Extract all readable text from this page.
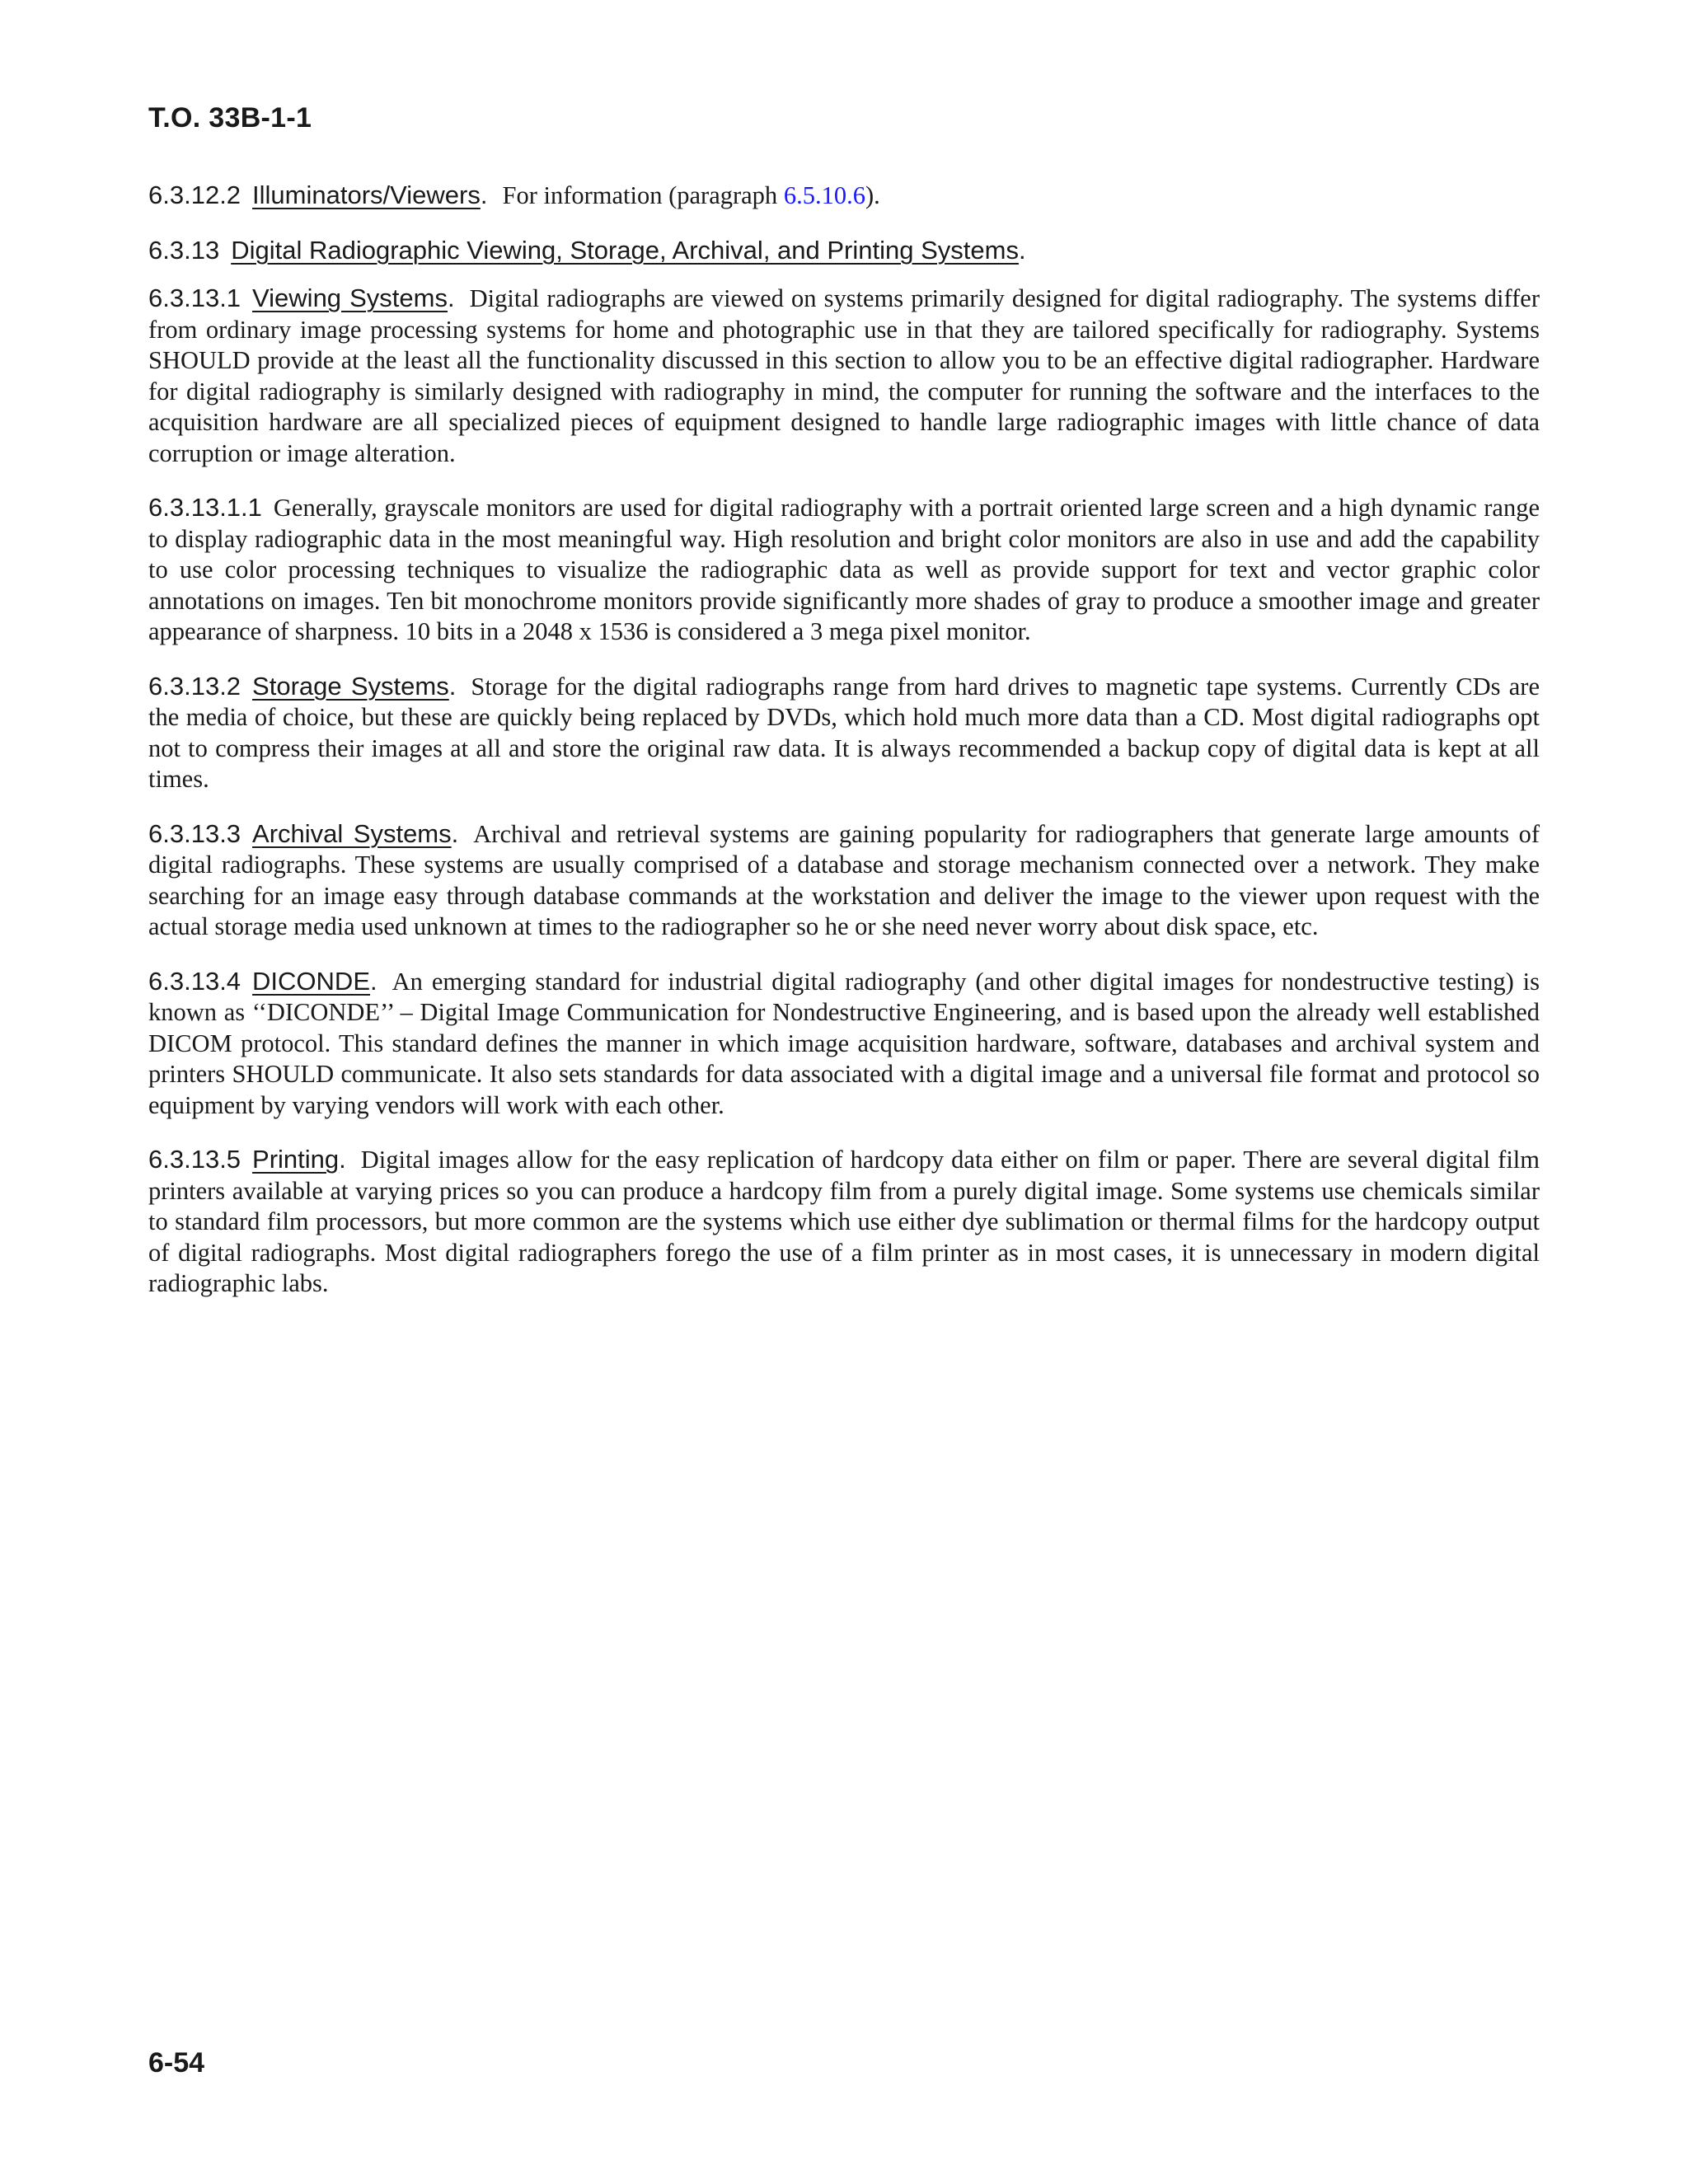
T.O. 33B-1-1

6.3.12.2 Illuminators/Viewers. For information (paragraph 6.5.10.6).

6.3.13 Digital Radiographic Viewing, Storage, Archival, and Printing Systems.

6.3.13.1 Viewing Systems. Digital radiographs are viewed on systems primarily designed for digital radiography. The systems differ from ordinary image processing systems for home and photographic use in that they are tailored specifically for radiography. Systems SHOULD provide at the least all the functionality discussed in this section to allow you to be an effective digital radiographer. Hardware for digital radiography is similarly designed with radiography in mind, the computer for running the software and the interfaces to the acquisition hardware are all specialized pieces of equipment designed to handle large radiographic images with little chance of data corruption or image alteration.

6.3.13.1.1 Generally, grayscale monitors are used for digital radiography with a portrait oriented large screen and a high dynamic range to display radiographic data in the most meaningful way. High resolution and bright color monitors are also in use and add the capability to use color processing techniques to visualize the radiographic data as well as provide support for text and vector graphic color annotations on images. Ten bit monochrome monitors provide significantly more shades of gray to produce a smoother image and greater appearance of sharpness. 10 bits in a 2048 x 1536 is considered a 3 mega pixel monitor.

6.3.13.2 Storage Systems. Storage for the digital radiographs range from hard drives to magnetic tape systems. Currently CDs are the media of choice, but these are quickly being replaced by DVDs, which hold much more data than a CD. Most digital radiographs opt not to compress their images at all and store the original raw data. It is always recommended a backup copy of digital data is kept at all times.

6.3.13.3 Archival Systems. Archival and retrieval systems are gaining popularity for radiographers that generate large amounts of digital radiographs. These systems are usually comprised of a database and storage mechanism connected over a network. They make searching for an image easy through database commands at the workstation and deliver the image to the viewer upon request with the actual storage media used unknown at times to the radiographer so he or she need never worry about disk space, etc.

6.3.13.4 DICONDE. An emerging standard for industrial digital radiography (and other digital images for nondestructive testing) is known as ‘‘DICONDE’’ – Digital Image Communication for Nondestructive Engineering, and is based upon the already well established DICOM protocol. This standard defines the manner in which image acquisition hardware, software, databases and archival system and printers SHOULD communicate. It also sets standards for data associated with a digital image and a universal file format and protocol so equipment by varying vendors will work with each other.

6.3.13.5 Printing. Digital images allow for the easy replication of hardcopy data either on film or paper. There are several digital film printers available at varying prices so you can produce a hardcopy film from a purely digital image. Some systems use chemicals similar to standard film processors, but more common are the systems which use either dye sublimation or thermal films for the hardcopy output of digital radiographs. Most digital radiographers forego the use of a film printer as in most cases, it is unnecessary in modern digital radiographic labs.

6-54
